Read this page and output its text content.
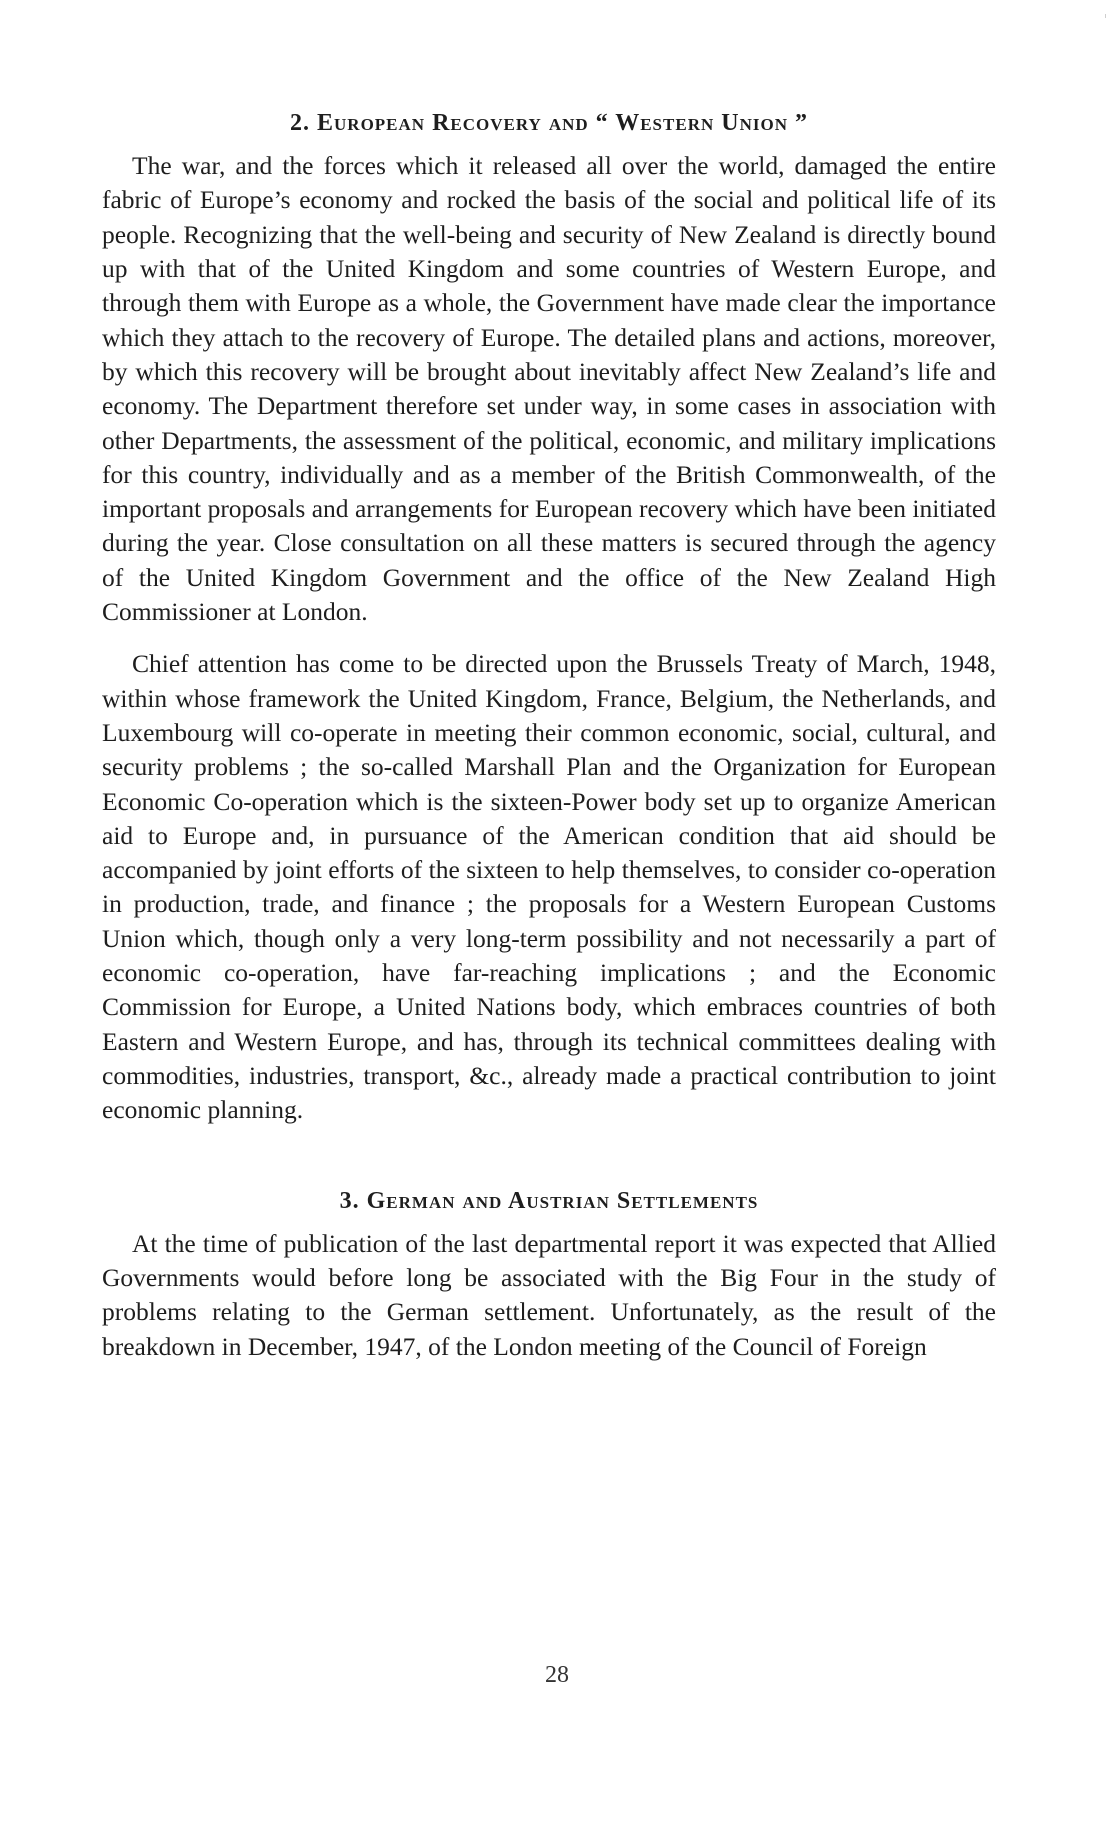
2. European Recovery and “ Western Union ”

The war, and the forces which it released all over the world, damaged the entire fabric of Europe’s economy and rocked the basis of the social and political life of its people. Recognizing that the well-being and security of New Zealand is directly bound up with that of the United Kingdom and some countries of Western Europe, and through them with Europe as a whole, the Government have made clear the importance which they attach to the recovery of Europe. The detailed plans and actions, moreover, by which this recovery will be brought about inevitably affect New Zealand’s life and economy. The Department therefore set under way, in some cases in association with other Departments, the assessment of the political, economic, and military implications for this country, individually and as a member of the British Commonwealth, of the important proposals and arrangements for European recovery which have been initiated during the year. Close consultation on all these matters is secured through the agency of the United Kingdom Government and the office of the New Zealand High Commissioner at London.

Chief attention has come to be directed upon the Brussels Treaty of March, 1948, within whose framework the United Kingdom, France, Belgium, the Netherlands, and Luxembourg will co-operate in meeting their common economic, social, cultural, and security problems ; the so-called Marshall Plan and the Organization for European Economic Co-operation which is the sixteen-Power body set up to organize American aid to Europe and, in pursuance of the American condition that aid should be accompanied by joint efforts of the sixteen to help themselves, to consider co-operation in production, trade, and finance ; the proposals for a Western European Customs Union which, though only a very long-term possibility and not necessarily a part of economic co-operation, have far-reaching implications ; and the Economic Commission for Europe, a United Nations body, which embraces countries of both Eastern and Western Europe, and has, through its technical committees dealing with commodities, industries, transport, &c., already made a practical contribution to joint economic planning.

3. German and Austrian Settlements

At the time of publication of the last departmental report it was expected that Allied Governments would before long be associated with the Big Four in the study of problems relating to the German settlement. Unfortunately, as the result of the breakdown in December, 1947, of the London meeting of the Council of Foreign

28
